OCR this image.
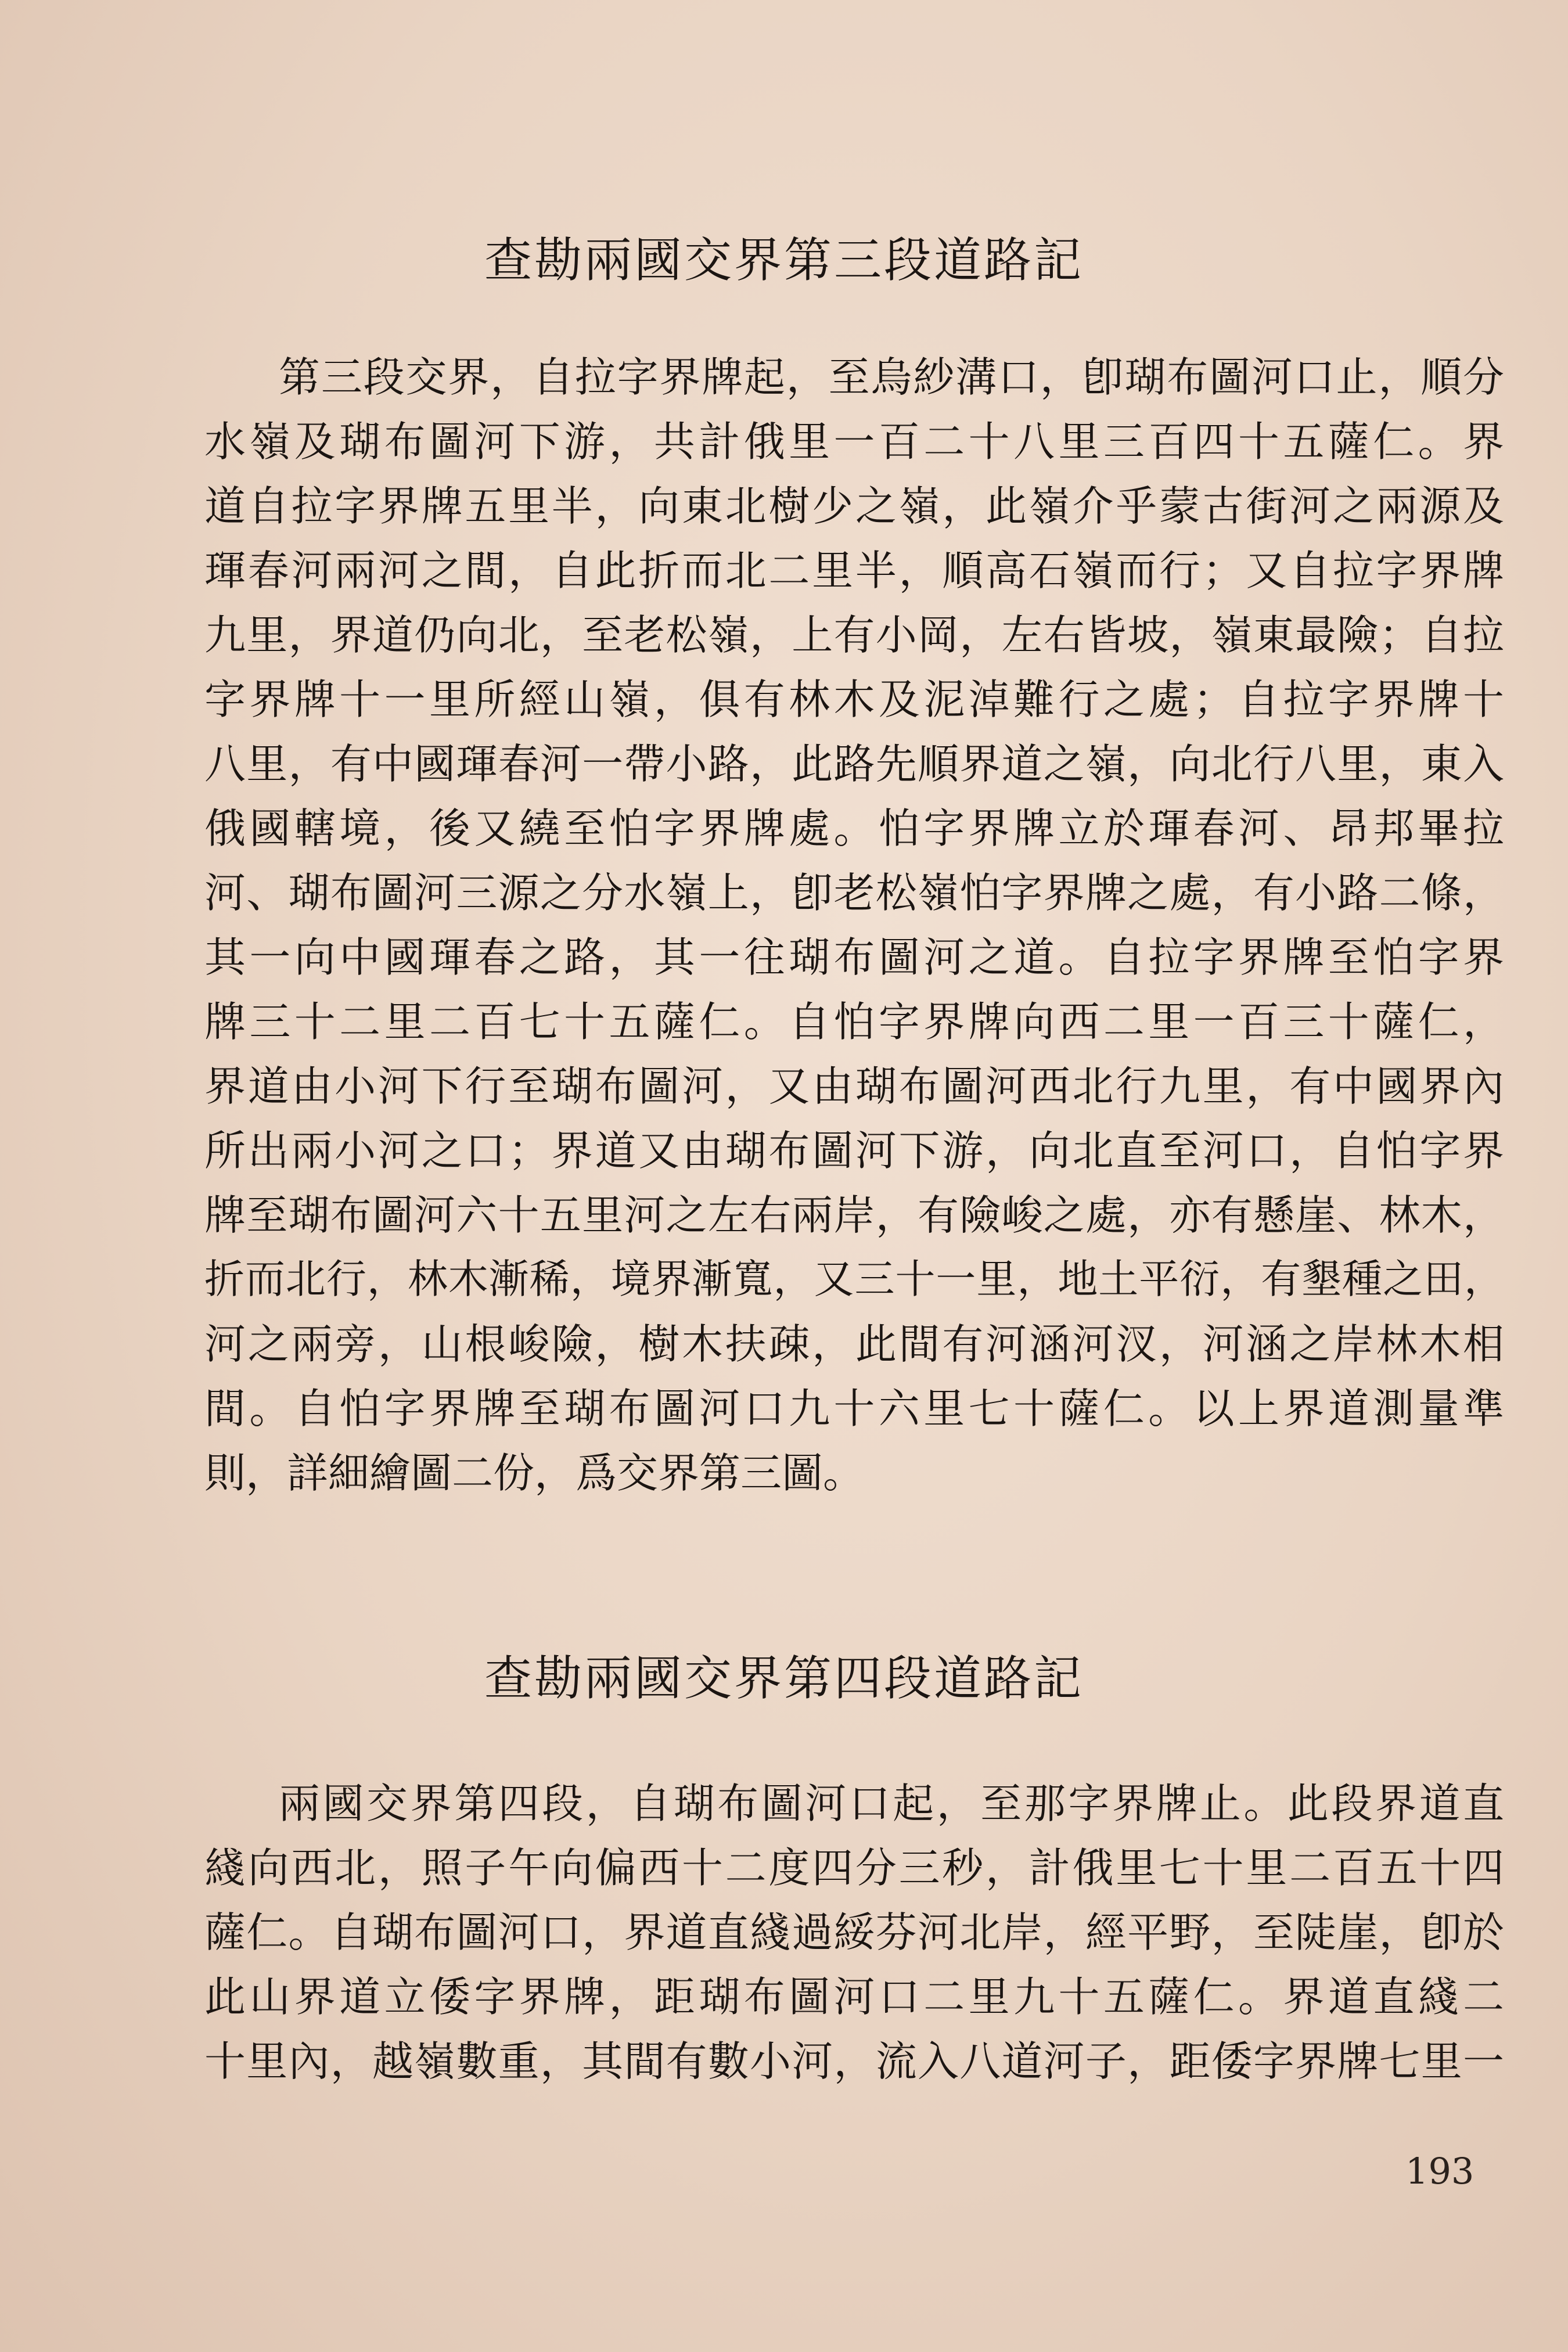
查勘兩國交界第三段道路記
第三段交界，自拉字界牌起，至烏紗溝口，卽瑚布圖河口止，順分
水嶺及瑚布圖河下游，共計俄里一百二十八里三百四十五薩仁。界
道自拉字界牌五里半，向東北樹少之嶺，此嶺介乎蒙古街河之兩源及
琿春河兩河之間，自此折而北二里半，順高石嶺而行；又自拉字界牌
九里，界道仍向北，至老松嶺，上有小岡，左右皆坡，嶺東最險；自拉
字界牌十一里所經山嶺，俱有林木及泥淖難行之處；自拉字界牌十
八里，有中國琿春河一帶小路，此路先順界道之嶺，向北行八里，東入
俄國轄境，後又繞至怕字界牌處。怕字界牌立於琿春河、昂邦畢拉
河、瑚布圖河三源之分水嶺上，卽老松嶺怕字界牌之處，有小路二條，
其一向中國琿春之路，其一往瑚布圖河之道。自拉字界牌至怕字界
牌三十二里二百七十五薩仁。自怕字界牌向西二里一百三十薩仁，
界道由小河下行至瑚布圖河，又由瑚布圖河西北行九里，有中國界內
所出兩小河之口；界道又由瑚布圖河下游，向北直至河口，自怕字界
牌至瑚布圖河六十五里河之左右兩岸，有險峻之處，亦有懸崖、林木，
折而北行，林木漸稀，境界漸寬，又三十一里，地土平衍，有墾種之田，
河之兩旁，山根峻險，樹木扶疎，此間有河涵河汊，河涵之岸林木相
間。自怕字界牌至瑚布圖河口九十六里七十薩仁。以上界道測量準
則，詳細繪圖二份，爲交界第三圖。
查勘兩國交界第四段道路記
兩國交界第四段，自瑚布圖河口起，至那字界牌止。此段界道直
綫向西北，照子午向偏西十二度四分三秒，計俄里七十里二百五十四
薩仁。自瑚布圖河口，界道直綫過綏芬河北岸，經平野，至陡崖，卽於
此山界道立倭字界牌，距瑚布圖河口二里九十五薩仁。界道直綫二
十里內，越嶺數重，其間有數小河，流入八道河子，距倭字界牌七里一
193
